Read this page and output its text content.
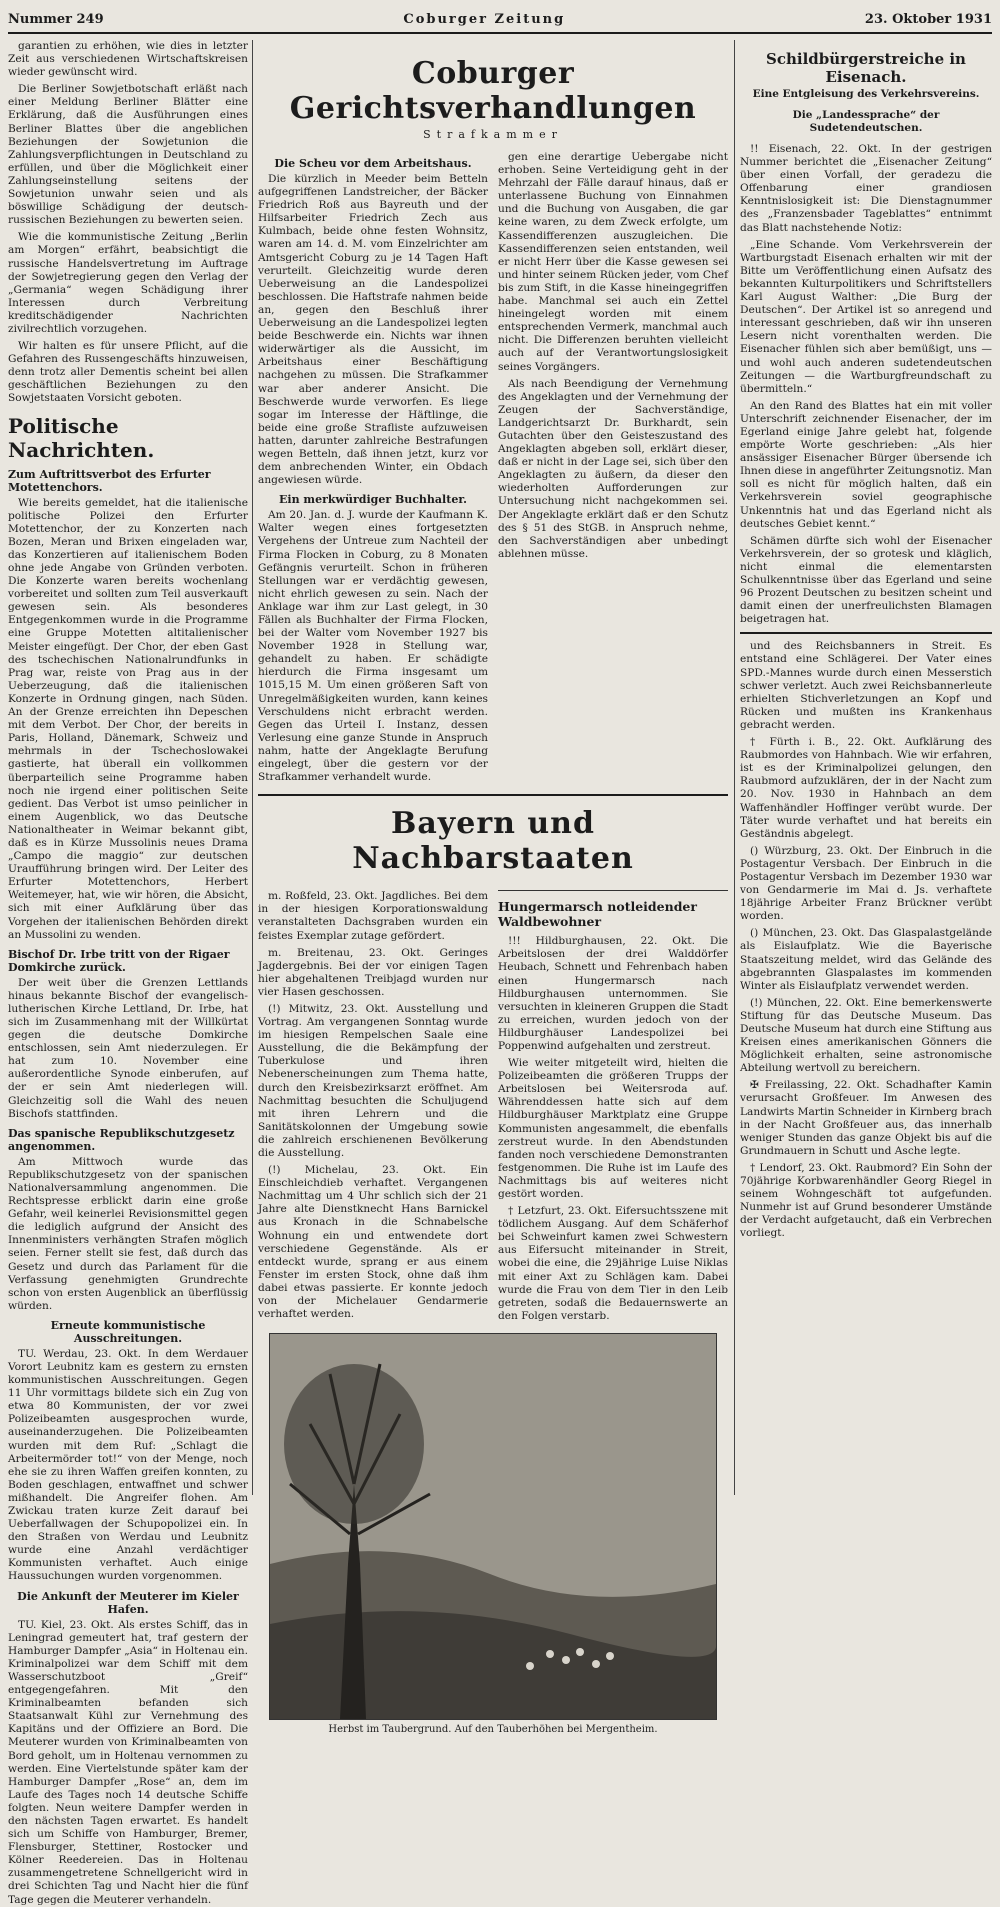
Nummer 249	Coburger Zeitung	23. Oktober 1931

garantien zu erhöhen, wie dies in letzter Zeit aus verschiedenen Wirtschaftskreisen wieder gewünscht wird.

Die Berliner Sowjetbotschaft erläßt nach einer Meldung Berliner Blätter eine Erklärung, daß die Ausführungen eines Berliner Blattes über die angeblichen Beziehungen der Sowjetunion die Zahlungsverpflichtungen in Deutschland zu erfüllen, und über die Möglichkeit einer Zahlungseinstellung seitens der Sowjetunion unwahr seien und als böswillige Schädigung der deutsch-russischen Beziehungen zu bewerten seien.

Wie die kommunistische Zeitung „Berlin am Morgen“ erfährt, beabsichtigt die russische Handelsvertretung im Auftrage der Sowjetregierung gegen den Verlag der „Germania“ wegen Schädigung ihrer Interessen durch Verbreitung kreditschädigender Nachrichten zivilrechtlich vorzugehen.

Wir halten es für unsere Pflicht, auf die Gefahren des Russengeschäfts hinzuweisen, denn trotz aller Dementis scheint bei allen geschäftlichen Beziehungen zu den Sowjetstaaten Vorsicht geboten.

Politische Nachrichten.
Zum Auftrittsverbot des Erfurter Motettenchors.

Wie bereits gemeldet, hat die italienische politische Polizei den Erfurter Motettenchor, der zu Konzerten nach Bozen, Meran und Brixen eingeladen war, das Konzertieren auf italienischem Boden ohne jede Angabe von Gründen verboten. Die Konzerte waren bereits wochenlang vorbereitet und sollten zum Teil ausverkauft gewesen sein. Als besonderes Entgegenkommen wurde in die Programme eine Gruppe Motetten altitalienischer Meister eingefügt. Der Chor, der eben Gast des tschechischen Nationalrundfunks in Prag war, reiste von Prag aus in der Ueberzeugung, daß die italienischen Konzerte in Ordnung gingen, nach Süden. An der Grenze erreichten ihn Depeschen mit dem Verbot. Der Chor, der bereits in Paris, Holland, Dänemark, Schweiz und mehrmals in der Tschechoslowakei gastierte, hat überall ein vollkommen überparteilich seine Programme haben noch nie irgend einer politischen Seite gedient. Das Verbot ist umso peinlicher in einem Augenblick, wo das Deutsche Nationaltheater in Weimar bekannt gibt, daß es in Kürze Mussolinis neues Drama „Campo die maggio“ zur deutschen Uraufführung bringen wird. Der Leiter des Erfurter Motettenchors, Herbert Weitemeyer, hat, wie wir hören, die Absicht, sich mit einer Aufklärung über das Vorgehen der italienischen Behörden direkt an Mussolini zu wenden.

Bischof Dr. Irbe tritt von der Rigaer Domkirche zurück.

Der weit über die Grenzen Lettlands hinaus bekannte Bischof der evangelisch-lutherischen Kirche Lettland, Dr. Irbe, hat sich im Zusammenhang mit der Willkürtat gegen die deutsche Domkirche entschlossen, sein Amt niederzulegen. Er hat zum 10. November eine außerordentliche Synode einberufen, auf der er sein Amt niederlegen will. Gleichzeitig soll die Wahl des neuen Bischofs stattfinden.

Das spanische Republikschutzgesetz angenommen.

Am Mittwoch wurde das Republikschutzgesetz von der spanischen Nationalversammlung angenommen. Die Rechtspresse erblickt darin eine große Gefahr, weil keinerlei Revisionsmittel gegen die lediglich aufgrund der Ansicht des Innenministers verhängten Strafen möglich seien. Ferner stellt sie fest, daß durch das Gesetz und durch das Parlament für die Verfassung genehmigten Grundrechte schon von ersten Augenblick an überflüssig würden.

Erneute kommunistische Ausschreitungen.

TU. Werdau, 23. Okt. In dem Werdauer Vorort Leubnitz kam es gestern zu ernsten kommunistischen Ausschreitungen. Gegen 11 Uhr vormittags bildete sich ein Zug von etwa 80 Kommunisten, der vor zwei Polizeibeamten ausgesprochen wurde, auseinanderzugehen. Die Polizeibeamten wurden mit dem Ruf: „Schlagt die Arbeitermörder tot!“ von der Menge, noch ehe sie zu ihren Waffen greifen konnten, zu Boden geschlagen, entwaffnet und schwer mißhandelt. Die Angreifer flohen. Am Zwickau traten kurze Zeit darauf bei Ueberfallwagen der Schupopolizei ein. In den Straßen von Werdau und Leubnitz wurde eine Anzahl verdächtiger Kommunisten verhaftet. Auch einige Haussuchungen wurden vorgenommen.

Die Ankunft der Meuterer im Kieler Hafen.

TU. Kiel, 23. Okt. Als erstes Schiff, das in Leningrad gemeutert hat, traf gestern der Hamburger Dampfer „Asia“ in Holtenau ein. Kriminalpolizei war dem Schiff mit dem Wasserschutzboot „Greif“ entgegengefahren. Mit den Kriminalbeamten befanden sich Staatsanwalt Kühl zur Vernehmung des Kapitäns und der Offiziere an Bord. Die Meuterer wurden von Kriminalbeamten von Bord geholt, um in Holtenau vernommen zu werden. Eine Viertelstunde später kam der Hamburger Dampfer „Rose“ an, dem im Laufe des Tages noch 14 deutsche Schiffe folgten. Neun weitere Dampfer werden in den nächsten Tagen erwartet. Es handelt sich um Schiffe von Hamburger, Bremer, Flensburger, Stettiner, Rostocker und Kölner Reedereien. Das in Holtenau zusammengetretene Schnellgericht wird in drei Schichten Tag und Nacht hier die fünf Tage gegen die Meuterer verhandeln.

Coburger Gerichtsverhandlungen
Strafkammer
Die Scheu vor dem Arbeitshaus.

Die kürzlich in Meeder beim Betteln aufgegriffenen Landstreicher, der Bäcker Friedrich Roß aus Bayreuth und der Hilfsarbeiter Friedrich Zech aus Kulmbach, beide ohne festen Wohnsitz, waren am 14. d. M. vom Einzelrichter am Amtsgericht Coburg zu je 14 Tagen Haft verurteilt. Gleichzeitig wurde deren Ueberweisung an die Landespolizei beschlossen. Die Haftstrafe nahmen beide an, gegen den Beschluß ihrer Ueberweisung an die Landespolizei legten beide Beschwerde ein. Nichts war ihnen widerwärtiger als die Aussicht, im Arbeitshaus einer Beschäftigung nachgehen zu müssen. Die Strafkammer war aber anderer Ansicht. Die Beschwerde wurde verworfen. Es liege sogar im Interesse der Häftlinge, die beide eine große Strafliste aufzuweisen hatten, darunter zahlreiche Bestrafungen wegen Betteln, daß ihnen jetzt, kurz vor dem anbrechenden Winter, ein Obdach angewiesen würde.

Ein merkwürdiger Buchhalter.

Am 20. Jan. d. J. wurde der Kaufmann K. Walter wegen eines fortgesetzten Vergehens der Untreue zum Nachteil der Firma Flocken in Coburg, zu 8 Monaten Gefängnis verurteilt. Schon in früheren Stellungen war er verdächtig gewesen, nicht ehrlich gewesen zu sein. Nach der Anklage war ihm zur Last gelegt, in 30 Fällen als Buchhalter der Firma Flocken, bei der Walter vom November 1927 bis November 1928 in Stellung war, gehandelt zu haben. Er schädigte hierdurch die Firma insgesamt um 1015,15 M. Um einen größeren Saft von Unregelmäßigkeiten wurden, kann keines Verschuldens nicht erbracht werden. Gegen das Urteil I. Instanz, dessen Verlesung eine ganze Stunde in Anspruch nahm, hatte der Angeklagte Berufung eingelegt, über die gestern vor der Strafkammer verhandelt wurde.

gen eine derartige Uebergabe nicht erhoben. Seine Verteidigung geht in der Mehrzahl der Fälle darauf hinaus, daß er unterlassene Buchung von Einnahmen und die Buchung von Ausgaben, die gar keine waren, zu dem Zweck erfolgte, um Kassendifferenzen auszugleichen. Die Kassendifferenzen seien entstanden, weil er nicht Herr über die Kasse gewesen sei und hinter seinem Rücken jeder, vom Chef bis zum Stift, in die Kasse hineingegriffen habe. Manchmal sei auch ein Zettel hineingelegt worden mit einem entsprechenden Vermerk, manchmal auch nicht. Die Differenzen beruhten vielleicht auch auf der Verantwortungslosigkeit seines Vorgängers.

Als nach Beendigung der Vernehmung des Angeklagten und der Vernehmung der Zeugen der Sachverständige, Landgerichtsarzt Dr. Burkhardt, sein Gutachten über den Geisteszustand des Angeklagten abgeben soll, erklärt dieser, daß er nicht in der Lage sei, sich über den Angeklagten zu äußern, da dieser den wiederholten Aufforderungen zur Untersuchung nicht nachgekommen sei. Der Angeklagte erklärt daß er den Schutz des § 51 des StGB. in Anspruch nehme, den Sachverständigen aber unbedingt ablehnen müsse.

Bayern und Nachbarstaaten

m. Roßfeld, 23. Okt. Jagdliches. Bei dem in der hiesigen Korporationswaldung veranstalteten Dachsgraben wurden ein feistes Exemplar zutage gefördert.

m. Breitenau, 23. Okt. Geringes Jagdergebnis. Bei der vor einigen Tagen hier abgehaltenen Treibjagd wurden nur vier Hasen geschossen.

(!) Mitwitz, 23. Okt. Ausstellung und Vortrag. Am vergangenen Sonntag wurde im hiesigen Rempelschen Saale eine Ausstellung, die die Bekämpfung der Tuberkulose und ihren Nebenerscheinungen zum Thema hatte, durch den Kreisbezirksarzt eröffnet. Am Nachmittag besuchten die Schuljugend mit ihren Lehrern und die Sanitätskolonnen der Umgebung sowie die zahlreich erschienenen Bevölkerung die Ausstellung.

(!) Michelau, 23. Okt. Ein Einschleichdieb verhaftet. Vergangenen Nachmittag um 4 Uhr schlich sich der 21 Jahre alte Dienstknecht Hans Barnickel aus Kronach in die Schnabelsche Wohnung ein und entwendete dort verschiedene Gegenstände. Als er entdeckt wurde, sprang er aus einem Fenster im ersten Stock, ohne daß ihm dabei etwas passierte. Er konnte jedoch von der Michelauer Gendarmerie verhaftet werden.

Hungermarsch notleidender Waldbewohner

!!! Hildburghausen, 22. Okt. Die Arbeitslosen der drei Walddörfer Heubach, Schnett und Fehrenbach haben einen Hungermarsch nach Hildburghausen unternommen. Sie versuchten in kleineren Gruppen die Stadt zu erreichen, wurden jedoch von der Hildburghäuser Landespolizei bei Poppenwind aufgehalten und zerstreut.

Wie weiter mitgeteilt wird, hielten die Polizeibeamten die größeren Trupps der Arbeitslosen bei Weitersroda auf. Währenddessen hatte sich auf dem Hildburghäuser Marktplatz eine Gruppe Kommunisten angesammelt, die ebenfalls zerstreut wurde. In den Abendstunden fanden noch verschiedene Demonstranten festgenommen. Die Ruhe ist im Laufe des Nachmittags bis auf weiteres nicht gestört worden.

† Letzfurt, 23. Okt. Eifersuchtsszene mit tödlichem Ausgang. Auf dem Schäferhof bei Schweinfurt kamen zwei Schwestern aus Eifersucht miteinander in Streit, wobei die eine, die 29jährige Luise Niklas mit einer Axt zu Schlägen kam. Dabei wurde die Frau von dem Tier in den Leib getreten, sodaß die Bedauernswerte an den Folgen verstarb.

Herbst im Taubergrund. Auf den Tauberhöhen bei Mergentheim.
Schildbürgerstreiche in Eisenach.
Eine Entgleisung des Verkehrsvereins.
Die „Landessprache“ der Sudetendeutschen.

!! Eisenach, 22. Okt. In der gestrigen Nummer berichtet die „Eisenacher Zeitung“ über einen Vorfall, der geradezu die Offenbarung einer grandiosen Kenntnislosigkeit ist: Die Dienstagnummer des „Franzensbader Tageblattes“ entnimmt das Blatt nachstehende Notiz:

„Eine Schande. Vom Verkehrsverein der Wartburgstadt Eisenach erhalten wir mit der Bitte um Veröffentlichung einen Aufsatz des bekannten Kulturpolitikers und Schriftstellers Karl August Walther: „Die Burg der Deutschen“. Der Artikel ist so anregend und interessant geschrieben, daß wir ihn unseren Lesern nicht vorenthalten werden. Die Eisenacher fühlen sich aber bemüßigt, uns — und wohl auch anderen sudetendeutschen Zeitungen — die Wartburgfreundschaft zu übermitteln.“

An den Rand des Blattes hat ein mit voller Unterschrift zeichnender Eisenacher, der im Egerland einige Jahre gelebt hat, folgende empörte Worte geschrieben: „Als hier ansässiger Eisenacher Bürger übersende ich Ihnen diese in angeführter Zeitungsnotiz. Man soll es nicht für möglich halten, daß ein Verkehrsverein soviel geographische Unkenntnis hat und das Egerland nicht als deutsches Gebiet kennt.“

Schämen dürfte sich wohl der Eisenacher Verkehrsverein, der so grotesk und kläglich, nicht einmal die elementarsten Schulkenntnisse über das Egerland und seine 96 Prozent Deutschen zu besitzen scheint und damit einen der unerfreulichsten Blamagen beigetragen hat.

und des Reichsbanners in Streit. Es entstand eine Schlägerei. Der Vater eines SPD.-Mannes wurde durch einen Messerstich schwer verletzt. Auch zwei Reichsbannerleute erhielten Stichverletzungen an Kopf und Rücken und mußten ins Krankenhaus gebracht werden.

† Fürth i. B., 22. Okt. Aufklärung des Raubmordes von Hahnbach. Wie wir erfahren, ist es der Kriminalpolizei gelungen, den Raubmord aufzuklären, der in der Nacht zum 20. Nov. 1930 in Hahnbach an dem Waffenhändler Hoffinger verübt wurde. Der Täter wurde verhaftet und hat bereits ein Geständnis abgelegt.

() Würzburg, 23. Okt. Der Einbruch in die Postagentur Versbach. Der Einbruch in die Postagentur Versbach im Dezember 1930 war von Gendarmerie im Mai d. Js. verhaftete 18jährige Arbeiter Franz Brückner verübt worden.

() München, 23. Okt. Das Glaspalastgelände als Eislaufplatz. Wie die Bayerische Staatszeitung meldet, wird das Gelände des abgebrannten Glaspalastes im kommenden Winter als Eislaufplatz verwendet werden.

(!) München, 22. Okt. Eine bemerkenswerte Stiftung für das Deutsche Museum. Das Deutsche Museum hat durch eine Stiftung aus Kreisen eines amerikanischen Gönners die Möglichkeit erhalten, seine astronomische Abteilung wertvoll zu bereichern.

✠ Freilassing, 22. Okt. Schadhafter Kamin verursacht Großfeuer. Im Anwesen des Landwirts Martin Schneider in Kirnberg brach in der Nacht Großfeuer aus, das innerhalb weniger Stunden das ganze Objekt bis auf die Grundmauern in Schutt und Asche legte.

† Lendorf, 23. Okt. Raubmord? Ein Sohn der 70jährige Korbwarenhändler Georg Riegel in seinem Wohngeschäft tot aufgefunden. Nunmehr ist auf Grund besonderer Umstände der Verdacht aufgetaucht, daß ein Verbrechen vorliegt.
